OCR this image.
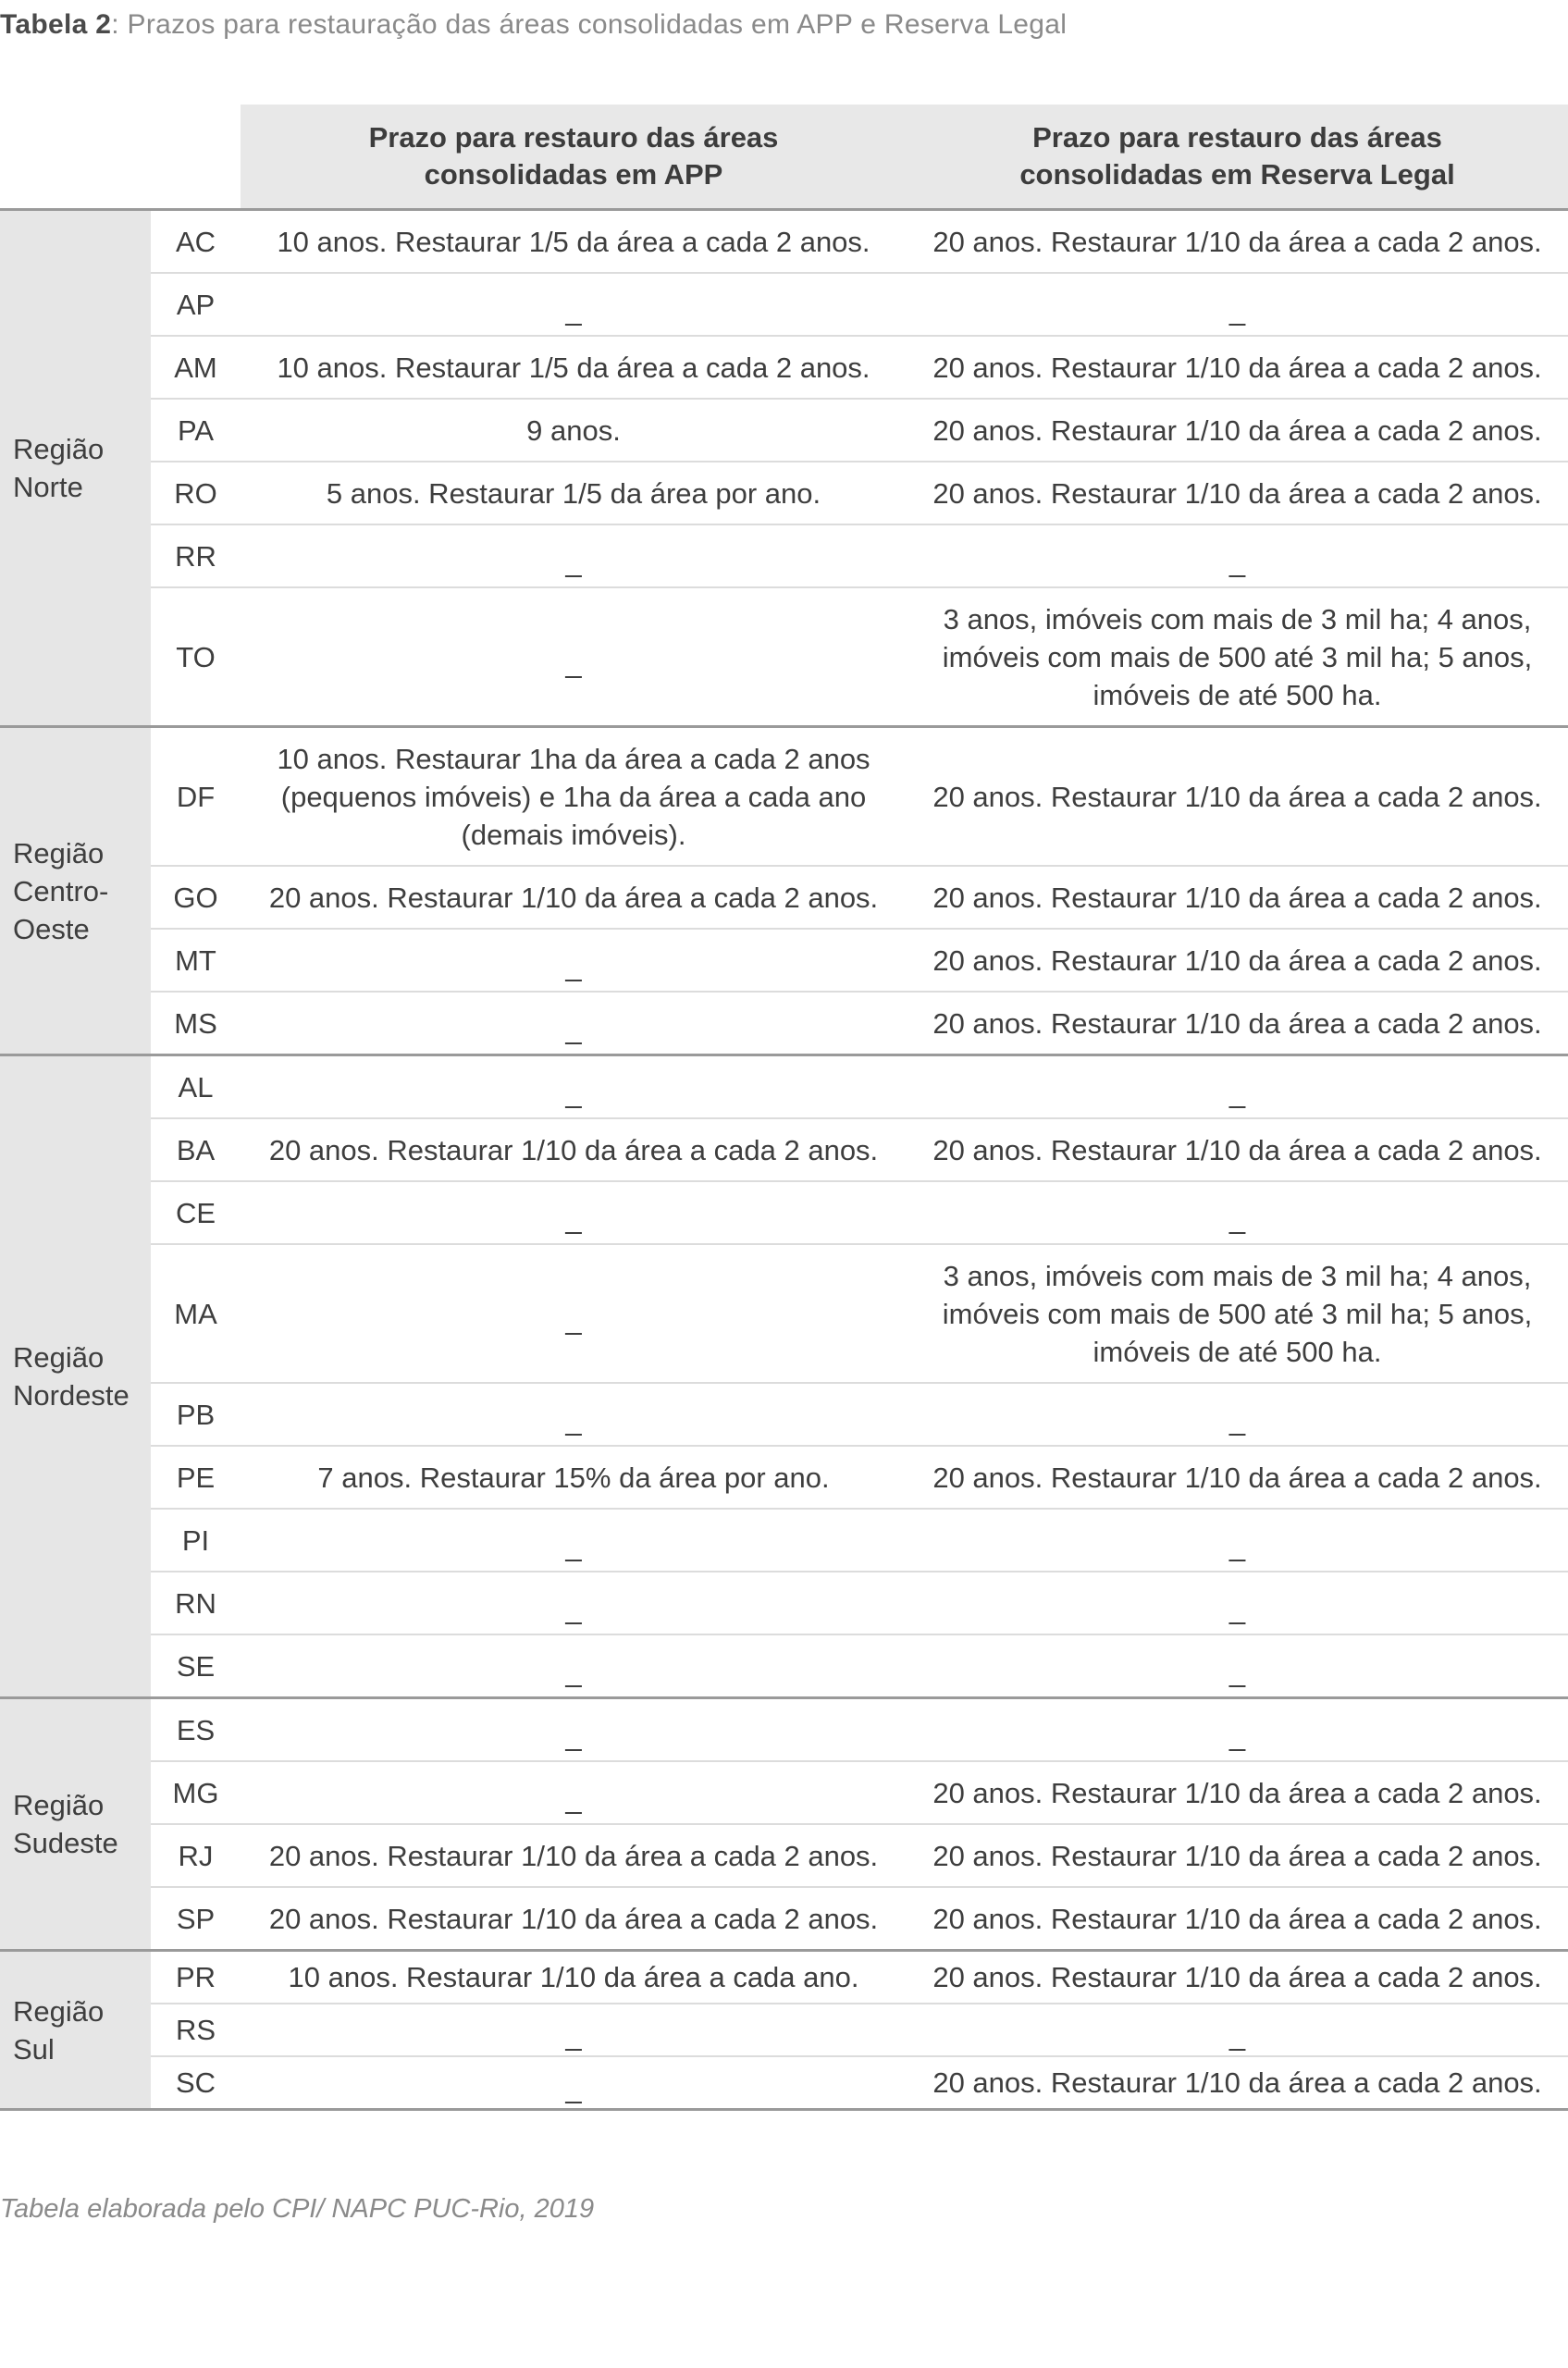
Tabela 2: Prazos para restauração das áreas consolidadas em APP e Reserva Legal
		Prazo para restauro das áreas
consolidadas em APP	Prazo para restauro das áreas
consolidadas em Reserva Legal
Região
Norte	AC	10 anos. Restaurar 1/5 da área a cada 2 anos.	20 anos. Restaurar 1/10 da área a cada 2 anos.
	AP	_	_
	AM	10 anos. Restaurar 1/5 da área a cada 2 anos.	20 anos. Restaurar 1/10 da área a cada 2 anos.
	PA	9 anos.	20 anos. Restaurar 1/10 da área a cada 2 anos.
	RO	5 anos. Restaurar 1/5 da área por ano.	20 anos. Restaurar 1/10 da área a cada 2 anos.
	RR	_	_
	TO	_	3 anos, imóveis com mais de 3 mil ha; 4 anos,
imóveis com mais de 500 até 3 mil ha; 5 anos,
imóveis de até 500 ha.
Região
Centro-
Oeste	DF	10 anos. Restaurar 1ha da área a cada 2 anos
(pequenos imóveis) e 1ha da área a cada ano
(demais imóveis).	20 anos. Restaurar 1/10 da área a cada 2 anos.
	GO	20 anos. Restaurar 1/10 da área a cada 2 anos.	20 anos. Restaurar 1/10 da área a cada 2 anos.
	MT	_	20 anos. Restaurar 1/10 da área a cada 2 anos.
	MS	_	20 anos. Restaurar 1/10 da área a cada 2 anos.
Região
Nordeste	AL	_	_
	BA	20 anos. Restaurar 1/10 da área a cada 2 anos.	20 anos. Restaurar 1/10 da área a cada 2 anos.
	CE	_	_
	MA	_	3 anos, imóveis com mais de 3 mil ha; 4 anos,
imóveis com mais de 500 até 3 mil ha; 5 anos,
imóveis de até 500 ha.
	PB	_	_
	PE	7 anos. Restaurar 15% da área por ano.	20 anos. Restaurar 1/10 da área a cada 2 anos.
	PI	_	_
	RN	_	_
	SE	_	_
Região
Sudeste	ES	_	_
	MG	_	20 anos. Restaurar 1/10 da área a cada 2 anos.
	RJ	20 anos. Restaurar 1/10 da área a cada 2 anos.	20 anos. Restaurar 1/10 da área a cada 2 anos.
	SP	20 anos. Restaurar 1/10 da área a cada 2 anos.	20 anos. Restaurar 1/10 da área a cada 2 anos.
Região
Sul	PR	10 anos. Restaurar 1/10 da área a cada ano.	20 anos. Restaurar 1/10 da área a cada 2 anos.
	RS	_	_
	SC	_	20 anos. Restaurar 1/10 da área a cada 2 anos.
Tabela elaborada pelo CPI/ NAPC PUC-Rio, 2019
